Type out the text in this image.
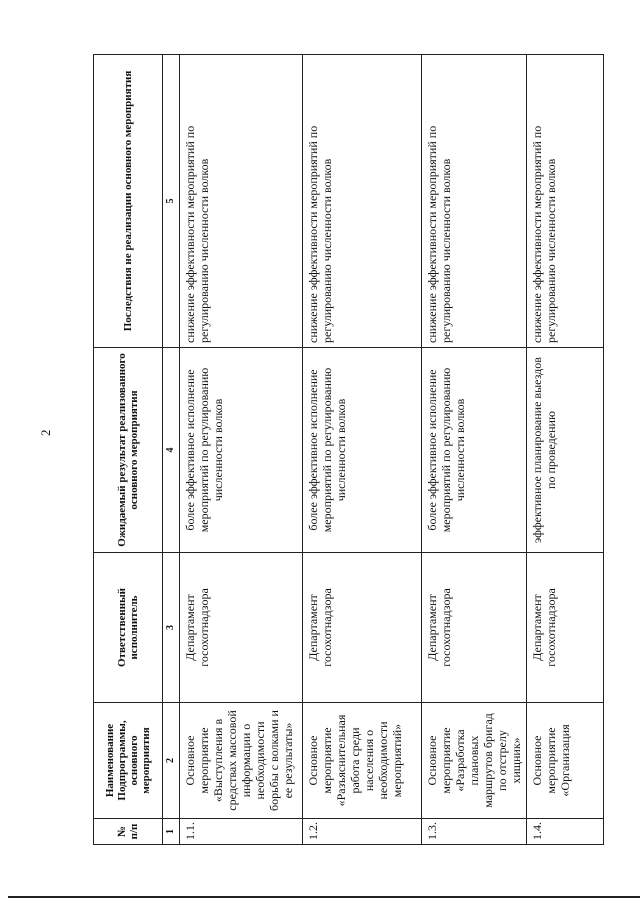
2
№ п/п	Наименование Подпрограммы, основного мероприятия	Ответственный исполнитель	Ожидаемый результат реализованного основного мероприятия	Последствия не реализации основного мероприятия
1	2	3	4	5
1.1.	Основное мероприятие «Выступления в средствах массовой информации о необходимости борьбы с волками и ее результаты»	Департамент госохотнадзора	более эффективное исполнение мероприятий по регулированию численности волков	снижение эффективности мероприятий по регулированию численности волков
1.2.	Основное мероприятие «Разъяснительная работа среди населения о необходимости мероприятий»	Департамент госохотнадзора	более эффективное исполнение мероприятий по регулированию численности волков	снижение эффективности мероприятий по регулированию численности волков
1.3.	Основное мероприятие «Разработка плановых маршрутов бригад по отстрелу хищник»	Департамент госохотнадзора	более эффективное исполнение мероприятий по регулированию численности волков	снижение эффективности мероприятий по регулированию численности волков
1.4.	Основное мероприятие «Организация	Департамент госохотнадзора	эффективное планирование выездов по проведению	снижение эффективности мероприятий по регулированию численности волков
